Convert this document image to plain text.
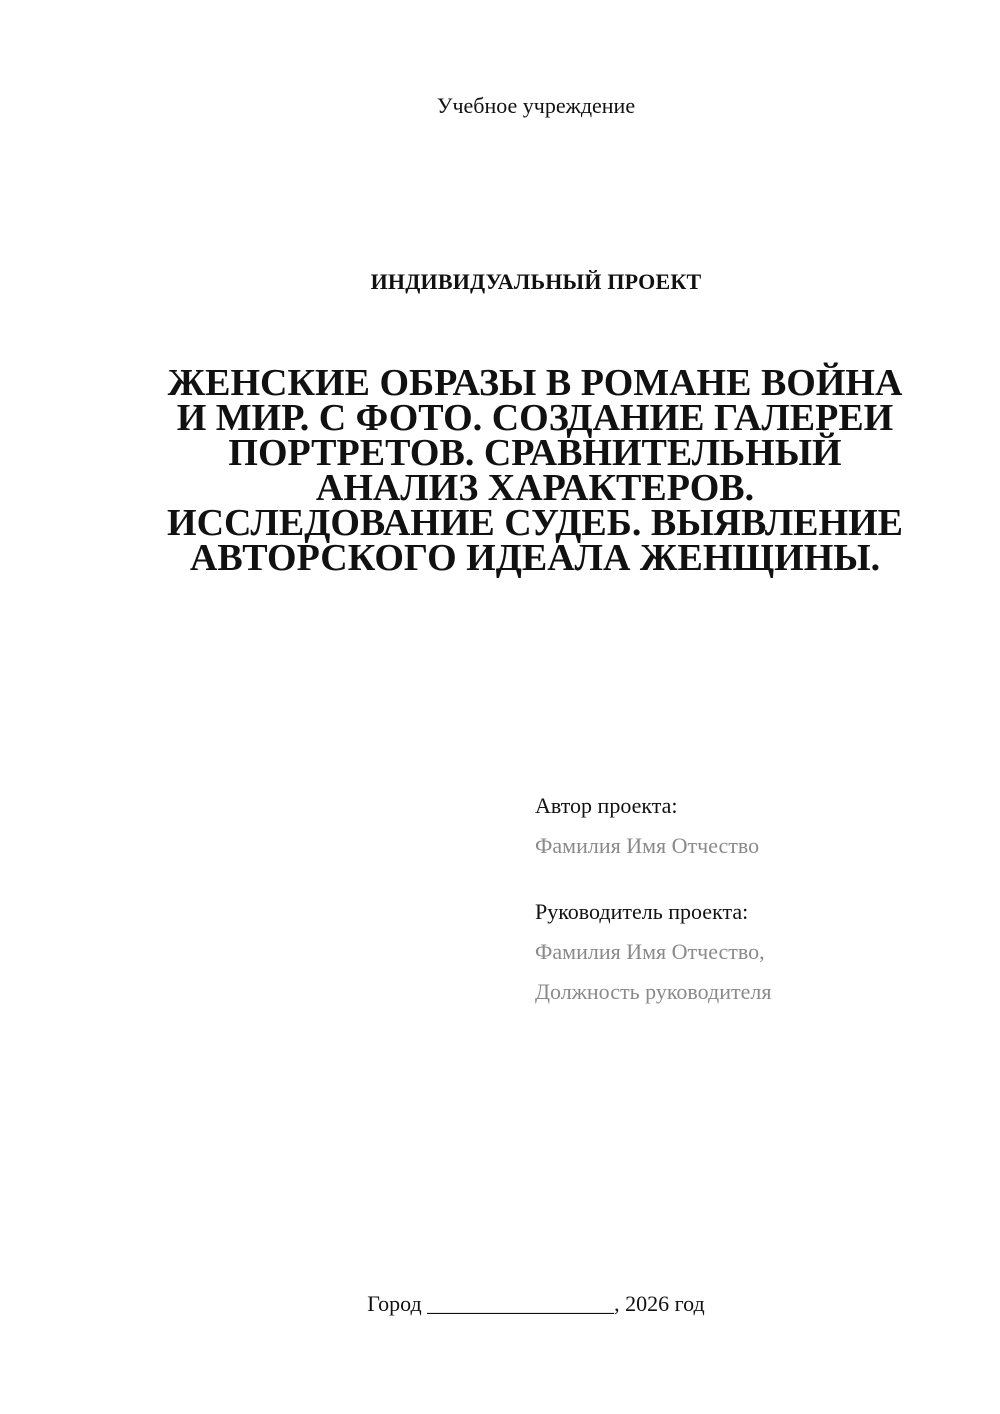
Учебное учреждение
ИНДИВИДУАЛЬНЫЙ ПРОЕКТ
ЖЕНСКИЕ ОБРАЗЫ В РОМАНЕ ВОЙНА
И МИР. С ФОТО. СОЗДАНИЕ ГАЛЕРЕИ
ПОРТРЕТОВ. СРАВНИТЕЛЬНЫЙ
АНАЛИЗ ХАРАКТЕРОВ.
ИССЛЕДОВАНИЕ СУДЕБ. ВЫЯВЛЕНИЕ
АВТОРСКОГО ИДЕАЛА ЖЕНЩИНЫ.
Автор проекта:
Фамилия Имя Отчество
Руководитель проекта:
Фамилия Имя Отчество,
Должность руководителя
Город _________________, 2026 год
